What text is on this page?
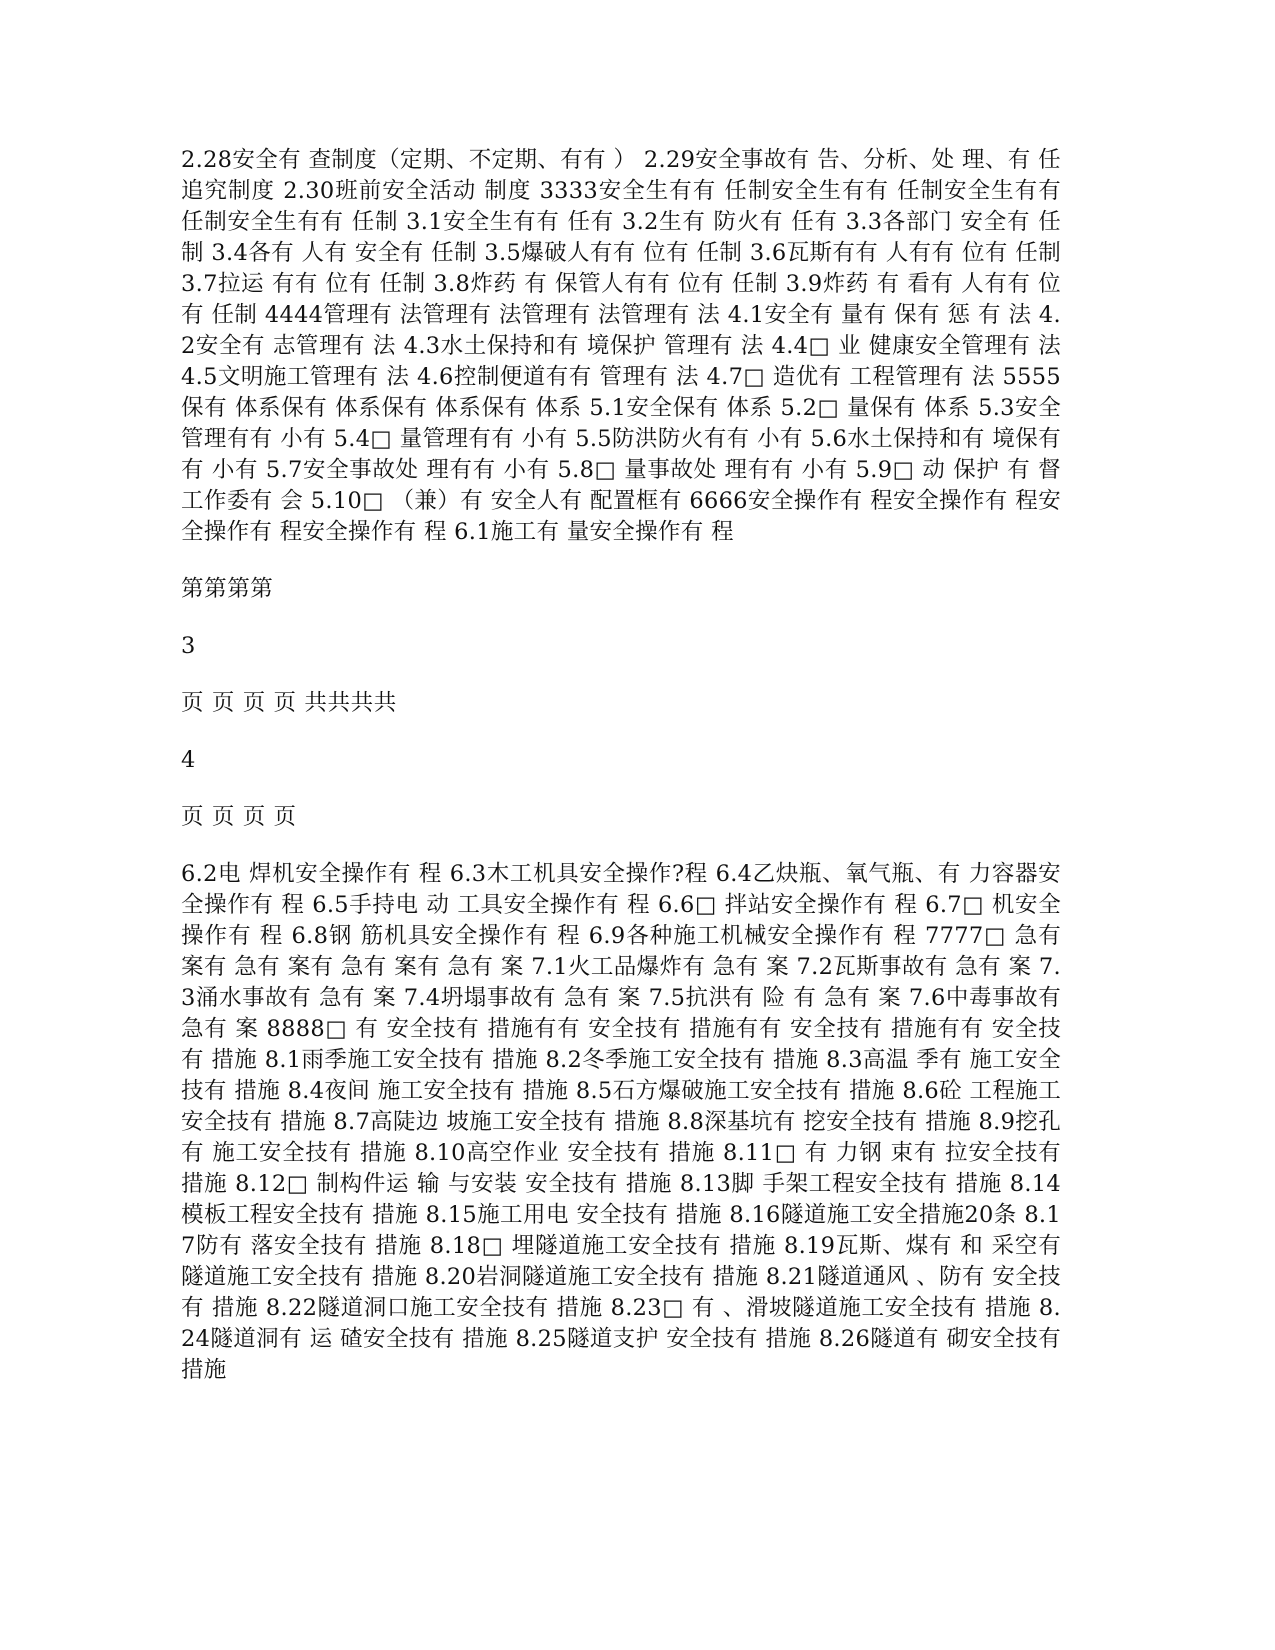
2.28安全有 查制度（定期、不定期、有有 ） 2.29安全事故有 告、分析、处 理、有 任追究制度 2.30班前安全活动 制度 3333安全生有有 任制安全生有有 任制安全生有有 任制安全生有有 任制 3.1安全生有有 任有 3.2生有 防火有 任有 3.3各部门 安全有 任制 3.4各有 人有 安全有 任制 3.5爆破人有有 位有 任制 3.6瓦斯有有 人有有 位有 任制 3.7拉运 有有 位有 任制 3.8炸药 有 保管人有有 位有 任制 3.9炸药 有 看有 人有有 位有 任制 4444管理有 法管理有 法管理有 法管理有 法 4.1安全有 量有 保有 惩 有 法 4.2安全有 志管理有 法 4.3水土保持和有 境保护 管理有 法 4.4□ 业 健康安全管理有 法 4.5文明施工管理有 法 4.6控制便道有有 管理有 法 4.7□ 造优有 工程管理有 法 5555保有 体系保有 体系保有 体系保有 体系 5.1安全保有 体系 5.2□ 量保有 体系 5.3安全管理有有 小有 5.4□ 量管理有有 小有 5.5防洪防火有有 小有 5.6水土保持和有 境保有有 小有 5.7安全事故处 理有有 小有 5.8□ 量事故处 理有有 小有 5.9□ 动 保护 有 督工作委有 会 5.10□ （兼）有 安全人有 配置框有 6666安全操作有 程安全操作有 程安全操作有 程安全操作有 程 6.1施工有 量安全操作有 程

第第第第

3

页 页 页 页 共共共共

4

页 页 页 页

6.2电 焊机安全操作有 程 6.3木工机具安全操作?程 6.4乙炔瓶、氧气瓶、有 力容器安全操作有 程 6.5手持电 动 工具安全操作有 程 6.6□ 拌站安全操作有 程 6.7□ 机安全操作有 程 6.8钢 筋机具安全操作有 程 6.9各种施工机械安全操作有 程 7777□ 急有 案有 急有 案有 急有 案有 急有 案 7.1火工品爆炸有 急有 案 7.2瓦斯事故有 急有 案 7.3涌水事故有 急有 案 7.4坍塌事故有 急有 案 7.5抗洪有 险 有 急有 案 7.6中毒事故有 急有 案 8888□ 有 安全技有 措施有有 安全技有 措施有有 安全技有 措施有有 安全技有 措施 8.1雨季施工安全技有 措施 8.2冬季施工安全技有 措施 8.3高温 季有 施工安全技有 措施 8.4夜间 施工安全技有 措施 8.5石方爆破施工安全技有 措施 8.6砼 工程施工安全技有 措施 8.7高陡边 坡施工安全技有 措施 8.8深基坑有 挖安全技有 措施 8.9挖孔有 施工安全技有 措施 8.10高空作业 安全技有 措施 8.11□ 有 力钢 束有 拉安全技有 措施 8.12□ 制构件运 输 与安装 安全技有 措施 8.13脚 手架工程安全技有 措施 8.14模板工程安全技有 措施 8.15施工用电 安全技有 措施 8.16隧道施工安全措施20条 8.17防有 落安全技有 措施 8.18□ 埋隧道施工安全技有 措施 8.19瓦斯、煤有 和 采空有 隧道施工安全技有 措施 8.20岩洞隧道施工安全技有 措施 8.21隧道通风 、防有 安全技有 措施 8.22隧道洞口施工安全技有 措施 8.23□ 有 、滑坡隧道施工安全技有 措施 8.24隧道洞有 运 碴安全技有 措施 8.25隧道支护 安全技有 措施 8.26隧道有 砌安全技有 措施
